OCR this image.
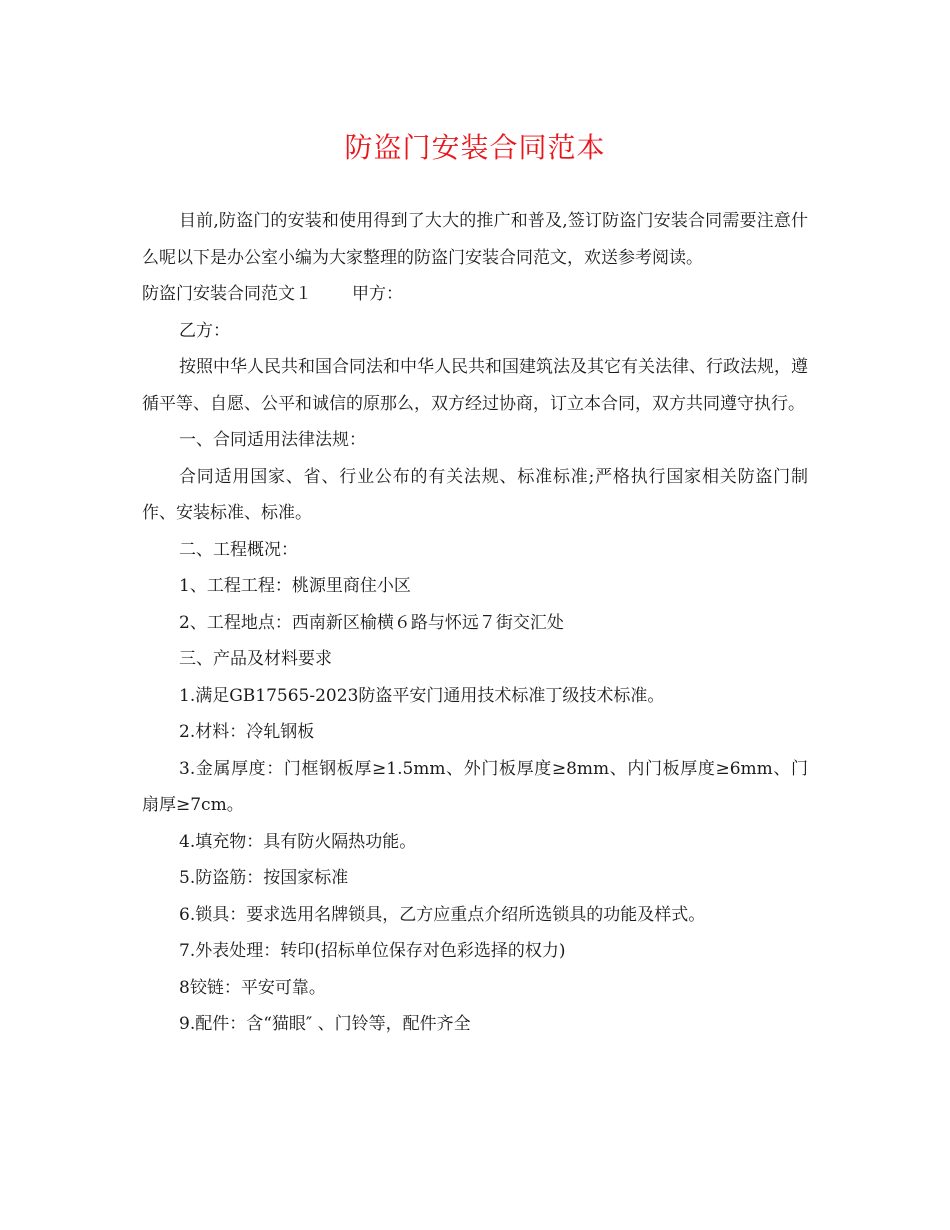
防盗门安装合同范本

目前,防盗门的安装和使用得到了大大的推广和普及,签订防盗门安装合同需要注意什么呢以下是办公室小编为大家整理的防盗门安装合同范文，欢送参考阅读。

防盗门安装合同范文１ 甲方：

乙方：

按照中华人民共和国合同法和中华人民共和国建筑法及其它有关法律、行政法规，遵循平等、自愿、公平和诚信的原那么，双方经过协商，订立本合同，双方共同遵守执行。

一、合同适用法律法规：

合同适用国家、省、行业公布的有关法规、标准标准;严格执行国家相关防盗门制作、安装标准、标准。

二、工程概况：

1、工程工程：桃源里商住小区

2、工程地点：西南新区榆横６路与怀远７街交汇处

三、产品及材料要求

1.满足GB17565-2023防盗平安门通用技术标准丁级技术标准。

2.材料：冷轧钢板

3.金属厚度：门框钢板厚≥1.5mm、外门板厚度≥8mm、内门板厚度≥6mm、门扇厚≥7cm。

4.填充物：具有防火隔热功能。

5.防盗筋：按国家标准

6.锁具：要求选用名牌锁具，乙方应重点介绍所选锁具的功能及样式。

7.外表处理：转印(招标单位保存对色彩选择的权力)

8铰链：平安可靠。

9.配件：含“猫眼″ 、门铃等，配件齐全
